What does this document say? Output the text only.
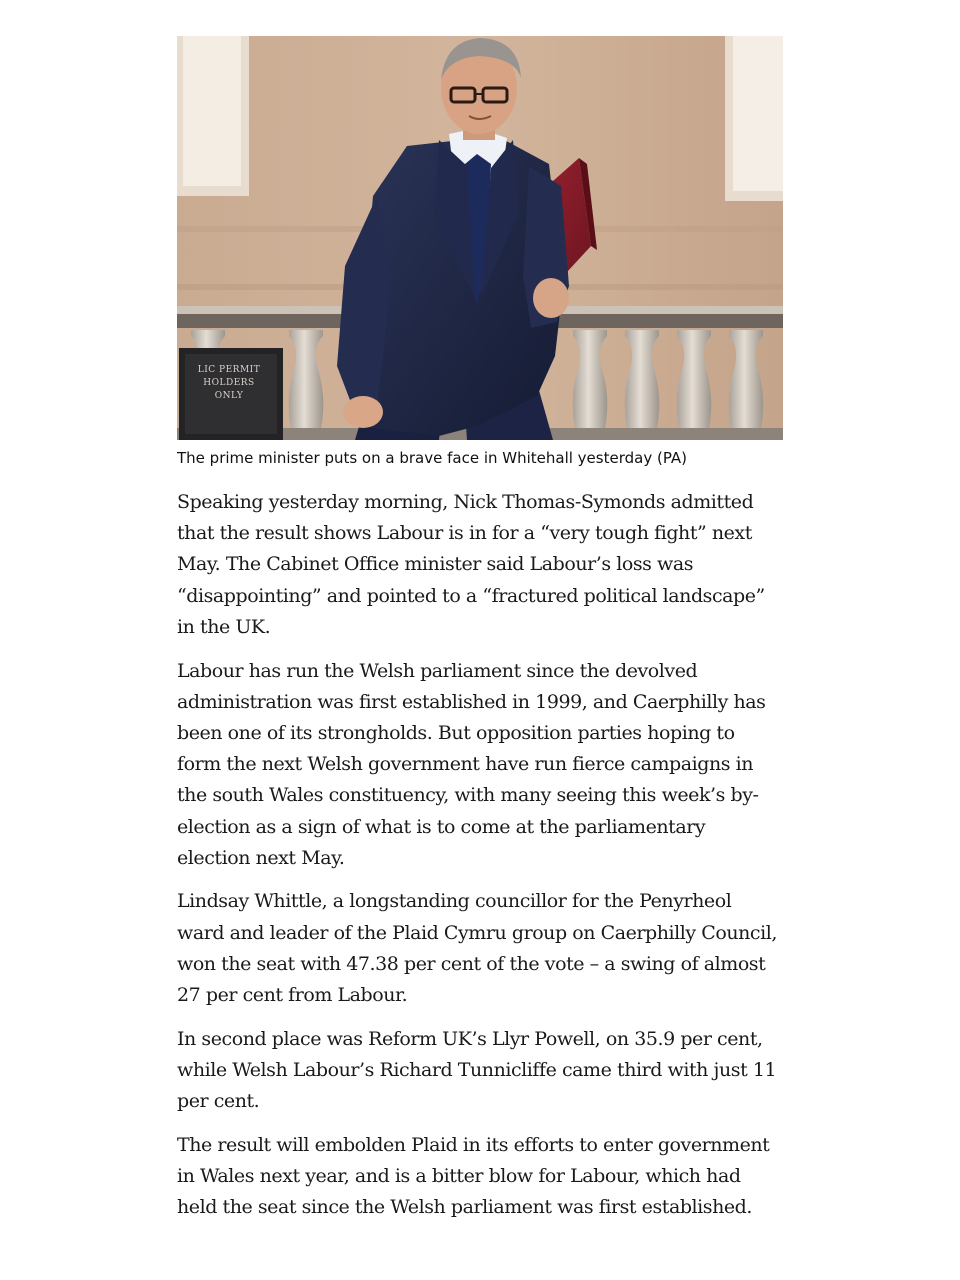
LIC PERMIT
HOLDERS
ONLY
The prime minister puts on a brave face in Whitehall yesterday (PA)

Speaking yesterday morning, Nick Thomas-Symonds admitted that the result shows Labour is in for a “very tough fight” next May. The Cabinet Office minister said Labour’s loss was “disappointing” and pointed to a “fractured political landscape” in the UK.

Labour has run the Welsh parliament since the devolved administration was first established in 1999, and Caerphilly has been one of its strongholds. But opposition parties hoping to form the next Welsh government have run fierce campaigns in the south Wales constituency, with many seeing this week’s by-election as a sign of what is to come at the parliamentary election next May.

Lindsay Whittle, a longstanding councillor for the Penyrheol ward and leader of the Plaid Cymru group on Caerphilly Council, won the seat with 47.38 per cent of the vote – a swing of almost 27 per cent from Labour.

In second place was Reform UK’s Llyr Powell, on 35.9 per cent, while Welsh Labour’s Richard Tunnicliffe came third with just 11 per cent.

The result will embolden Plaid in its efforts to enter government in Wales next year, and is a bitter blow for Labour, which had held the seat since the Welsh parliament was first established.
